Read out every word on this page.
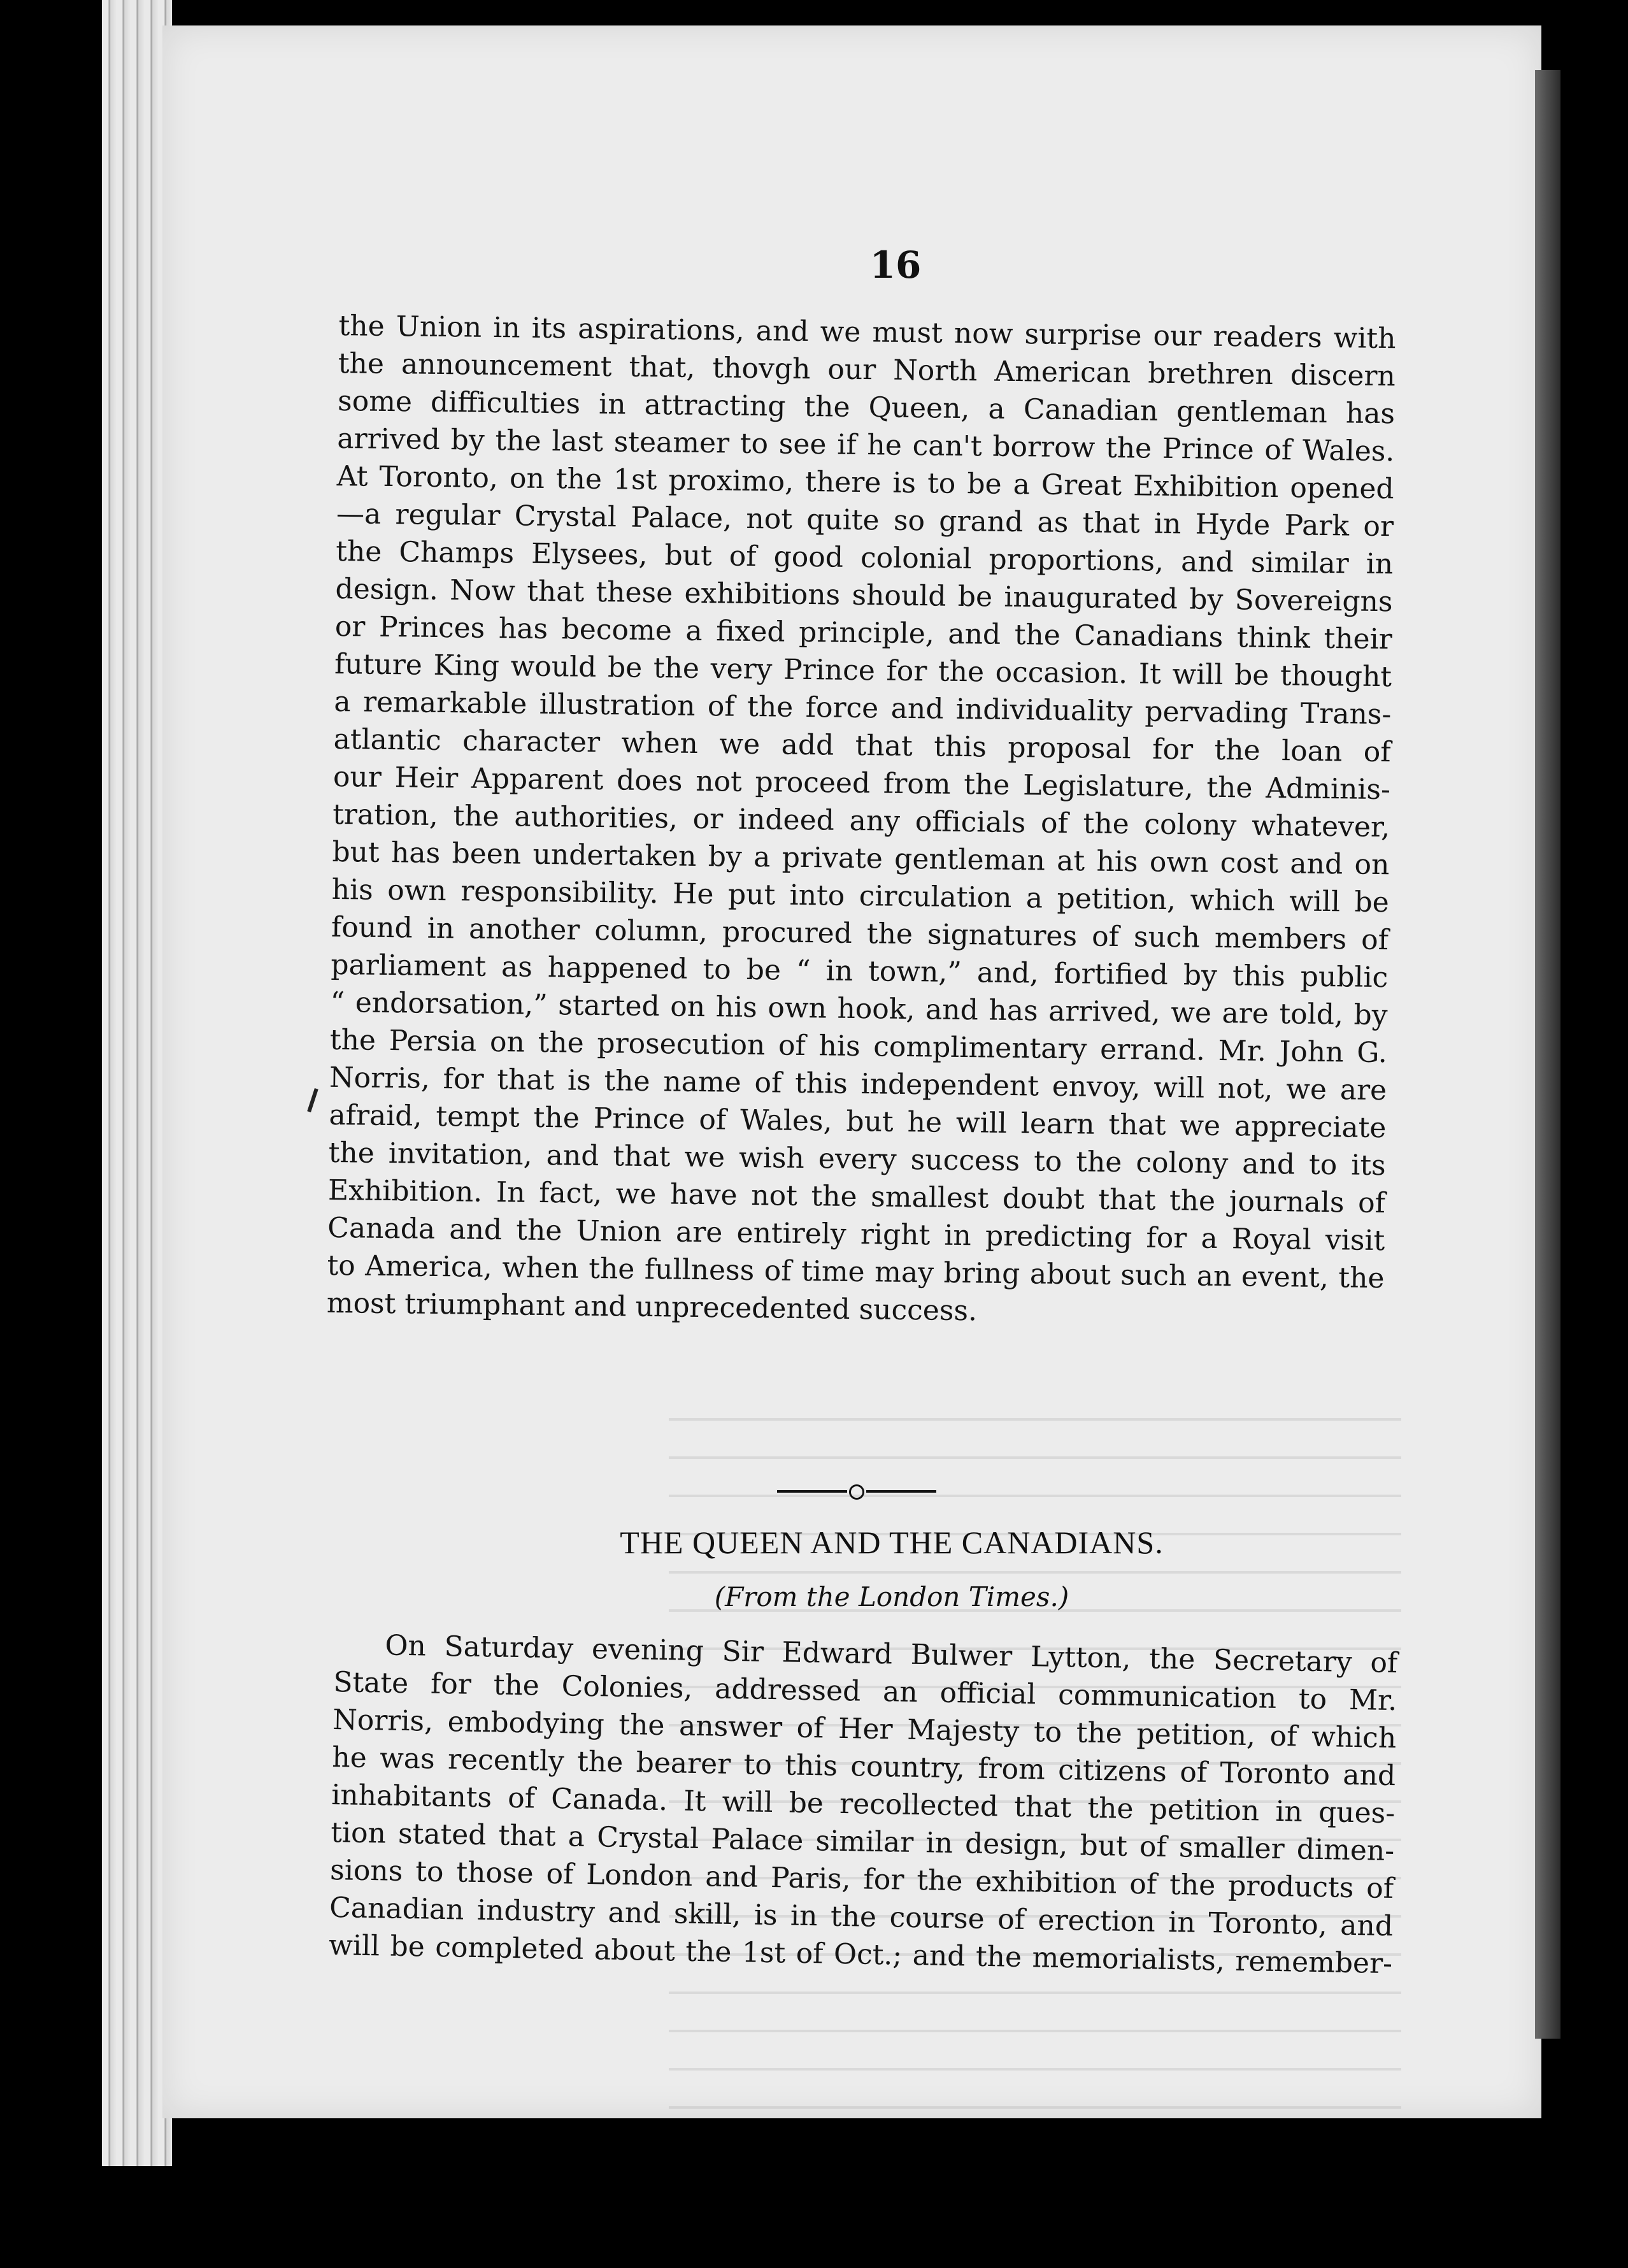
16
the Union in its aspirations, and we must now surprise our readers with
the announcement that, thovgh our North American brethren discern
some difficulties in attracting the Queen, a Canadian gentleman has
arrived by the last steamer to see if he can't borrow the Prince of Wales.
At Toronto, on the 1st proximo, there is to be a Great Exhibition opened
—a regular Crystal Palace, not quite so grand as that in Hyde Park or
the Champs Elysees, but of good colonial proportions, and similar in
design. Now that these exhibitions should be inaugurated by Sovereigns
or Princes has become a fixed principle, and the Canadians think their
future King would be the very Prince for the occasion. It will be thought
a remarkable illustration of the force and individuality pervading Trans-
atlantic character when we add that this proposal for the loan of
our Heir Apparent does not proceed from the Legislature, the Adminis-
tration, the authorities, or indeed any officials of the colony whatever,
but has been undertaken by a private gentleman at his own cost and on
his own responsibility. He put into circulation a petition, which will be
found in another column, procured the signatures of such members of
parliament as happened to be “ in town,” and, fortified by this public
“ endorsation,” started on his own hook, and has arrived, we are told, by
the Persia on the prosecution of his complimentary errand. Mr. John G.
Norris, for that is the name of this independent envoy, will not, we are
afraid, tempt the Prince of Wales, but he will learn that we appreciate
the invitation, and that we wish every success to the colony and to its
Exhibition. In fact, we have not the smallest doubt that the journals of
Canada and the Union are entirely right in predicting for a Royal visit
to America, when the fullness of time may bring about such an event, the
most triumphant and unprecedented success.
THE QUEEN AND THE CANADIANS.
(From the London Times.)
On Saturday evening Sir Edward Bulwer Lytton, the Secretary of
State for the Colonies, addressed an official communication to Mr.
Norris, embodying the answer of Her Majesty to the petition, of which
he was recently the bearer to this country, from citizens of Toronto and
inhabitants of Canada. It will be recollected that the petition in ques-
tion stated that a Crystal Palace similar in design, but of smaller dimen-
sions to those of London and Paris, for the exhibition of the products of
Canadian industry and skill, is in the course of erection in Toronto, and
will be completed about the 1st of Oct.; and the memorialists, remember-
